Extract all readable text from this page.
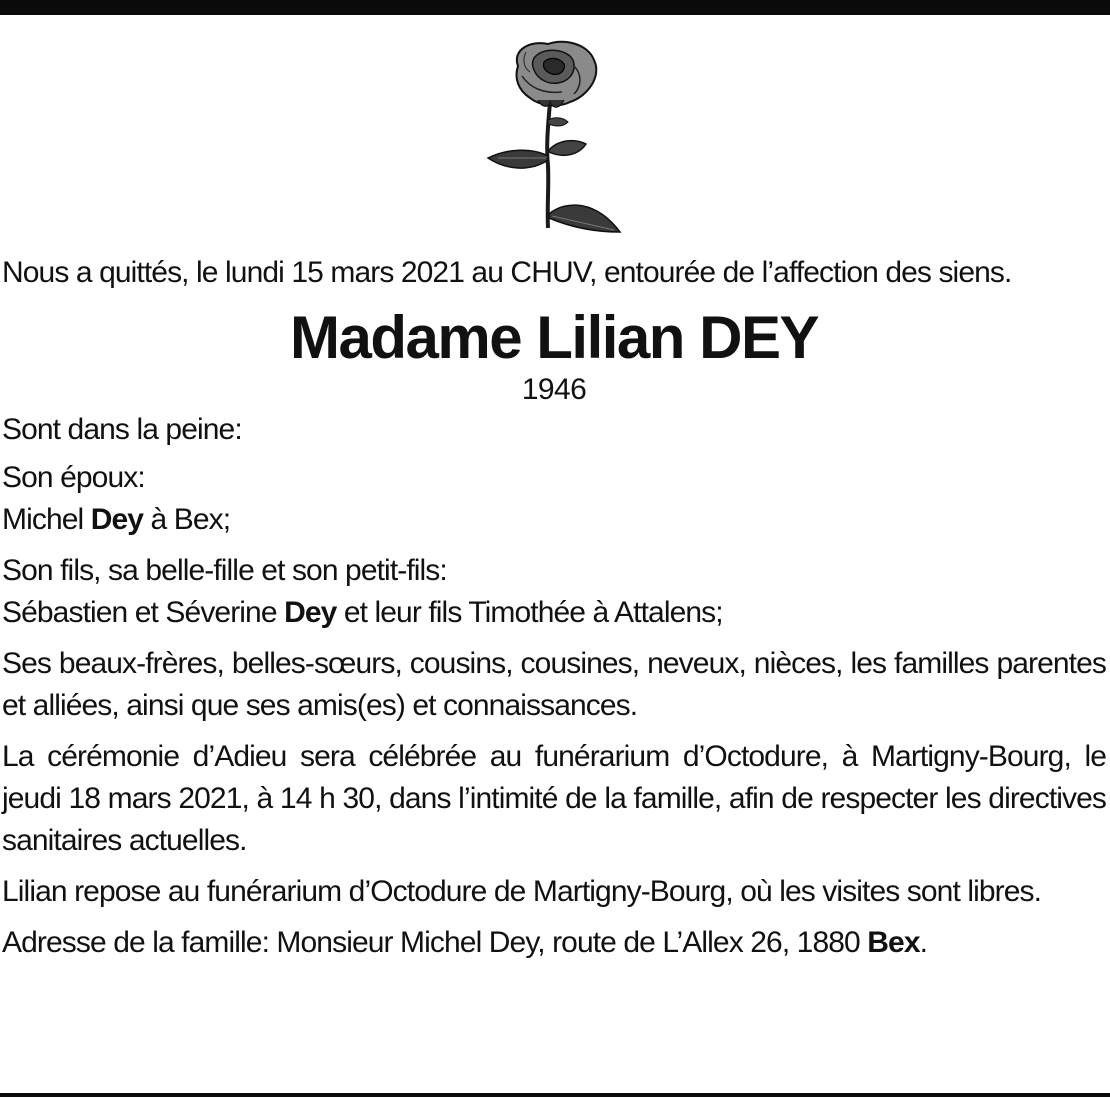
Nous a quittés, le lundi 15 mars 2021 au CHUV, entourée de l’affection des siens.

Madame Lilian DEY
1946

Sont dans la peine:

Son époux:
Michel Dey à Bex;

Son fils, sa belle-fille et son petit-fils:
Sébastien et Séverine Dey et leur fils Timothée à Attalens;

Ses beaux-frères, belles-sœurs, cousins, cousines, neveux, nièces, les familles parentes et alliées, ainsi que ses amis(es) et connaissances.

La cérémonie d’Adieu sera célébrée au funérarium d’Octodure, à Martigny-Bourg, le jeudi 18 mars 2021, à 14 h 30, dans l’intimité de la famille, afin de respecter les directives sanitaires actuelles.

Lilian repose au funérarium d’Octodure de Martigny-Bourg, où les visites sont libres.

Adresse de la famille: Monsieur Michel Dey, route de L’Allex 26, 1880 Bex.
